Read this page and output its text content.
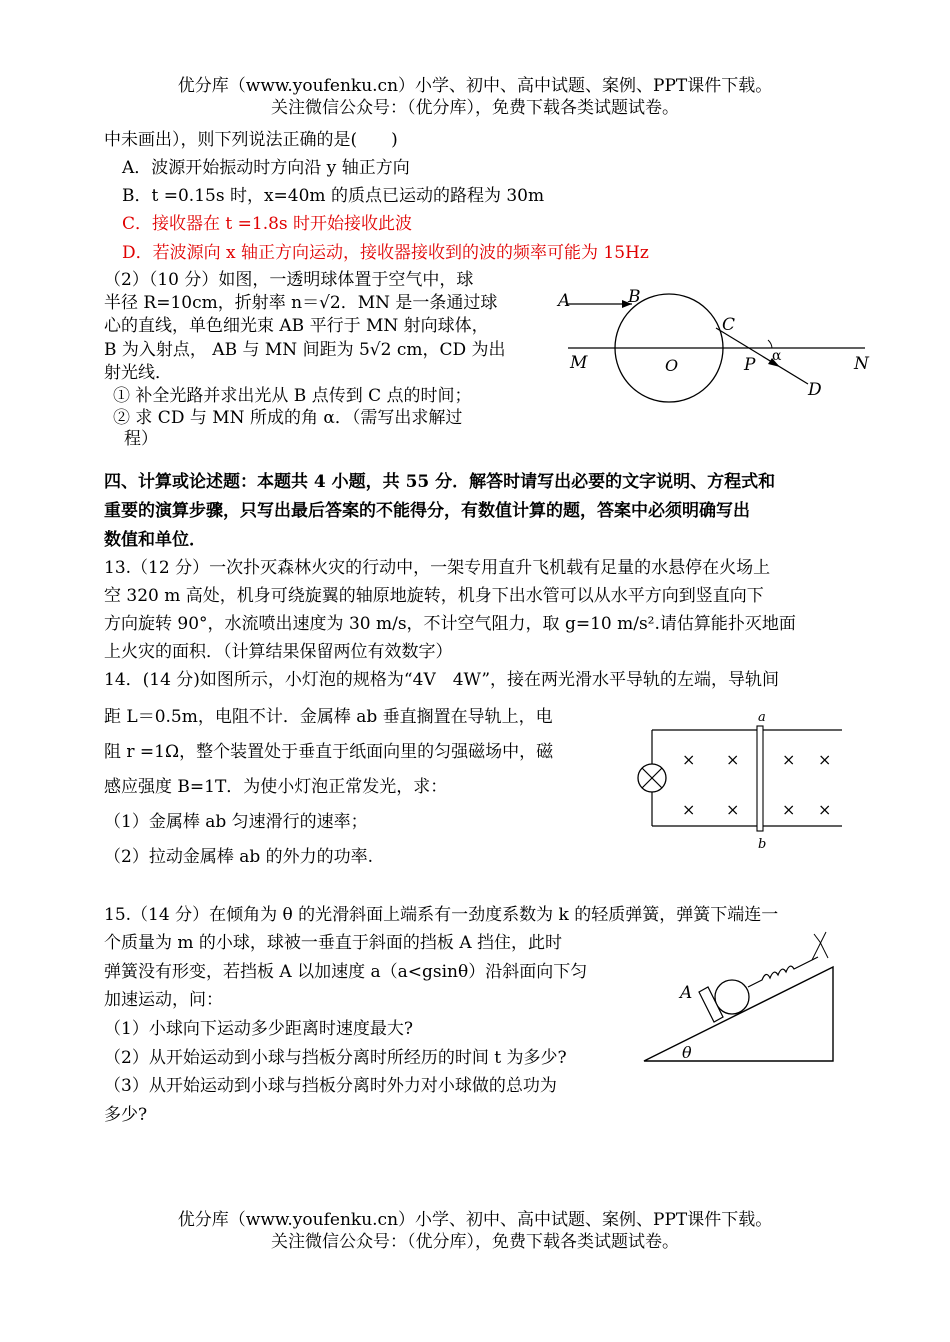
优分库（www.youfenku.cn）小学、初中、高中试题、案例、PPT课件下载。
关注微信公众号：（优分库），免费下载各类试题试卷。
中未画出），则下列说法正确的是(　　)
A．波源开始振动时方向沿 y 轴正方向
B．t =0.15s 时，x=40m 的质点已运动的路程为 30m
C．接收器在 t =1.8s 时开始接收此波
D．若波源向 x 轴正方向运动，接收器接收到的波的频率可能为 15Hz
（2）（10 分）如图，一透明球体置于空气中，球
半径 R=10cm，折射率 n＝√2．MN 是一条通过球
心的直线，单色细光束 AB 平行于 MN 射向球体，
B 为入射点， AB 与 MN 间距为 5√2 cm，CD 为出
射光线．
① 补全光路并求出光从 B 点传到 C 点的时间；
② 求 CD 与 MN 所成的角 α．（需写出求解过
程）
A	B
C
M	O	P α	N
D
四、计算或论述题：本题共 4 小题，共 55 分．解答时请写出必要的文字说明、方程式和
重要的演算步骤，只写出最后答案的不能得分，有数值计算的题，答案中必须明确写出
数值和单位．
13.（12 分）一次扑灭森林火灾的行动中，一架专用直升飞机载有足量的水悬停在火场上
空 320 m 高处，机身可绕旋翼的轴原地旋转，机身下出水管可以从水平方向到竖直向下
方向旋转 90°，水流喷出速度为 30 m/s，不计空气阻力，取 g=10 m/s².请估算能扑灭地面
上火灾的面积．（计算结果保留两位有效数字）
14．(14 分)如图所示，小灯泡的规格为“4V　4W”，接在两光滑水平导轨的左端，导轨间
距 L＝0.5m，电阻不计．金属棒 ab 垂直搁置在导轨上，电
阻 r =1Ω，整个装置处于垂直于纸面向里的匀强磁场中，磁
感应强度 B=1T．为使小灯泡正常发光，求：
（1）金属棒 ab 匀速滑行的速率；
（2）拉动金属棒 ab 的外力的功率.
a
b
× ×	× ×
× ×	× ×
15.（14 分）在倾角为 θ 的光滑斜面上端系有一劲度系数为 k 的轻质弹簧，弹簧下端连一
个质量为 m 的小球，球被一垂直于斜面的挡板 A 挡住，此时
弹簧没有形变，若挡板 A 以加速度 a（a<gsinθ）沿斜面向下匀
加速运动，问：
（1）小球向下运动多少距离时速度最大?
（2）从开始运动到小球与挡板分离时所经历的时间 t 为多少?
（3）从开始运动到小球与挡板分离时外力对小球做的总功为
多少?
A
θ
优分库（www.youfenku.cn）小学、初中、高中试题、案例、PPT课件下载。
关注微信公众号：（优分库），免费下载各类试题试卷。
